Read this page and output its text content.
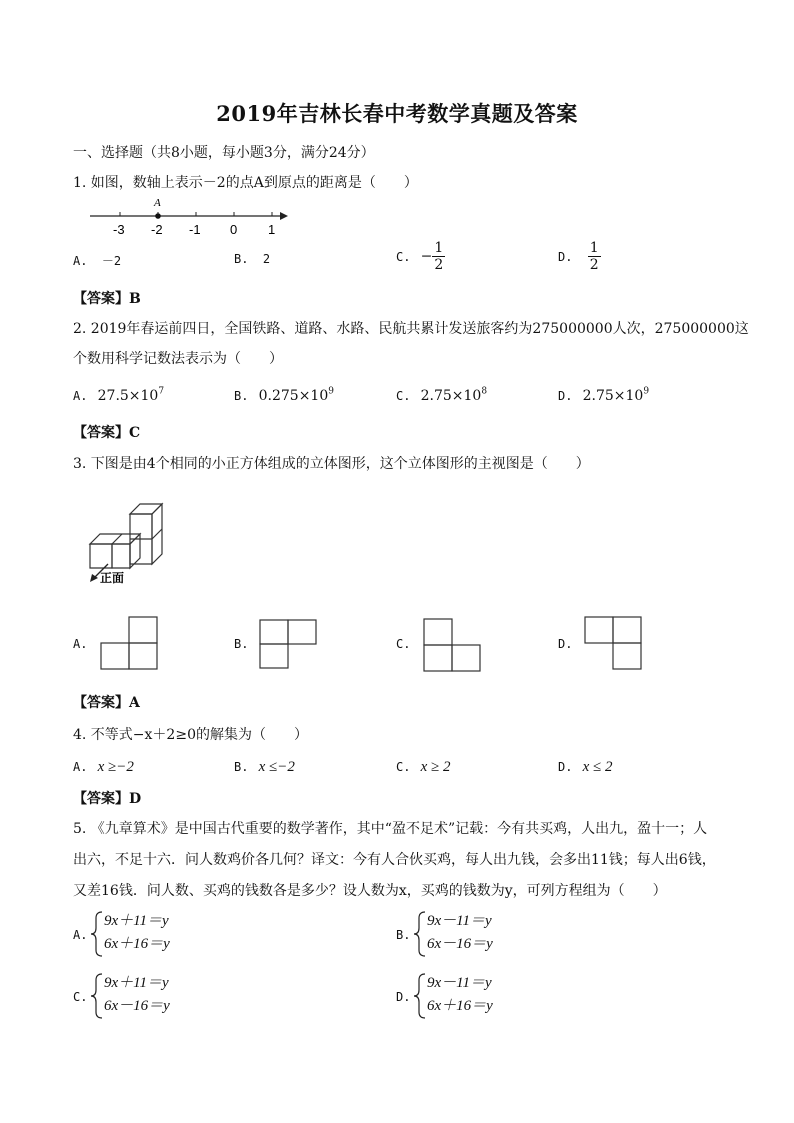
2019年吉林长春中考数学真题及答案
一、选择题（共8小题，每小题3分，满分24分）
1. 如图，数轴上表示－2的点A到原点的距离是（　　）
A
-3 -2 -1 0 1
A. －2	B. 2	C. − $\frac{1}{2}$	D. $\frac{1}{2}$
【答案】B
2. 2019年春运前四日，全国铁路、道路、水路、民航共累计发送旅客约为275000000人次，275000000这
个数用科学记数法表示为（　　）
A. $27.5\times 10^7$	B. $0.275\times 10^9$	C. $2.75\times 10^8$	D. $2.75\times 10^9$
【答案】C
3. 下图是由4个相同的小正方体组成的立体图形，这个立体图形的主视图是（　　）
正面
A.	B.	C.	D.
【答案】A
4. 不等式−x＋2≥0的解集为（　　）
A. x ≥−2	B. x ≤−2	C. x ≥ 2	D. x ≤ 2
【答案】D
5. 《九章算术》是中国古代重要的数学著作，其中“盈不足术”记载：今有共买鸡，人出九，盈十一；人
出六，不足十六．问人数鸡价各几何？译文：今有人合伙买鸡，每人出九钱，会多出11钱；每人出6钱，
又差16钱．问人数、买鸡的钱数各是多少？设人数为x，买鸡的钱数为y，可列方程组为（　　）
A.
9x＋11＝y
6x＋16＝y
B.
9x－11＝y
6x－16＝y
C.
9x＋11＝y
6x－16＝y
D.
9x－11＝y
6x＋16＝y
